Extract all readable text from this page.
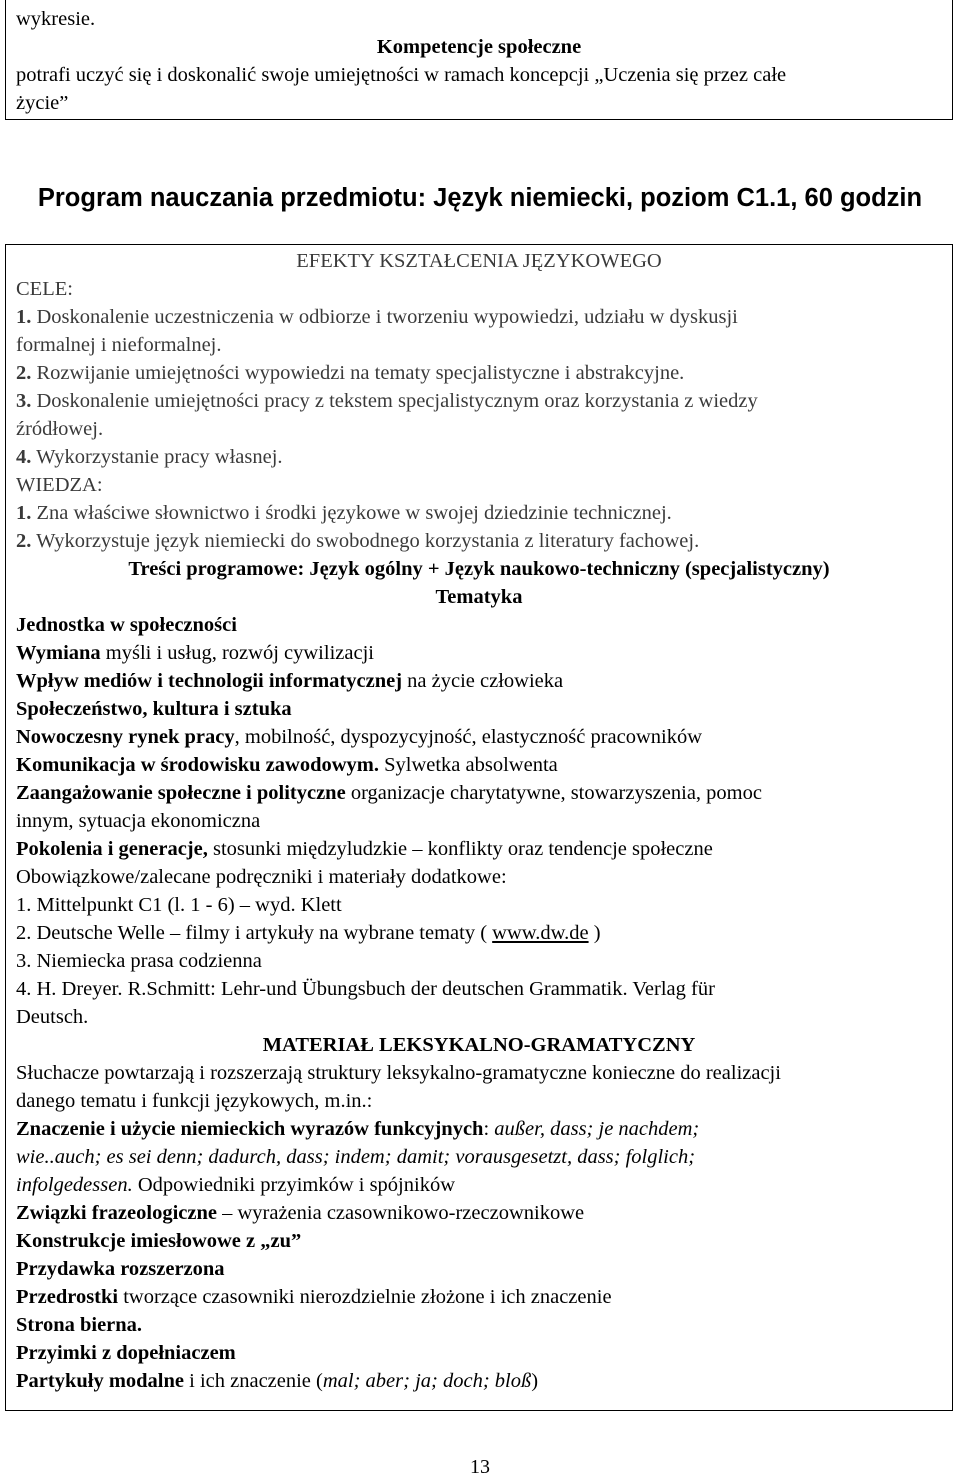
wykresie.
Kompetencje społeczne
potrafi uczyć się i doskonalić swoje umiejętności w ramach koncepcji „Uczenia się przez całe
życie”
Program nauczania przedmiotu: Język niemiecki, poziom C1.1, 60 godzin
EFEKTY KSZTAŁCENIA JĘZYKOWEGO
CELE:
1. Doskonalenie uczestniczenia w odbiorze i tworzeniu wypowiedzi, udziału w dyskusji
formalnej i nieformalnej.
2. Rozwijanie umiejętności wypowiedzi na tematy specjalistyczne i abstrakcyjne.
3. Doskonalenie umiejętności pracy z tekstem specjalistycznym oraz korzystania z wiedzy
źródłowej.
4. Wykorzystanie pracy własnej.
WIEDZA:
1. Zna właściwe słownictwo i środki językowe w swojej dziedzinie technicznej.
2. Wykorzystuje język niemiecki do swobodnego korzystania z literatury fachowej.
Treści programowe: Język ogólny + Język naukowo-techniczny (specjalistyczny)
Tematyka
Jednostka w społeczności
Wymiana myśli i usług, rozwój cywilizacji
Wpływ mediów i technologii informatycznej na życie człowieka
Społeczeństwo, kultura i sztuka
Nowoczesny rynek pracy, mobilność, dyspozycyjność, elastyczność pracowników
Komunikacja w środowisku zawodowym. Sylwetka absolwenta
Zaangażowanie społeczne i polityczne organizacje charytatywne, stowarzyszenia, pomoc
innym, sytuacja ekonomiczna
Pokolenia i generacje, stosunki międzyludzkie – konflikty oraz tendencje społeczne
Obowiązkowe/zalecane podręczniki i materiały dodatkowe:
1. Mittelpunkt C1 (l. 1 - 6) – wyd. Klett
2. Deutsche Welle – filmy i artykuły na wybrane tematy ( www.dw.de )
3. Niemiecka prasa codzienna
4. H. Dreyer. R.Schmitt: Lehr-und Übungsbuch der deutschen Grammatik. Verlag für
Deutsch.
MATERIAŁ LEKSYKALNO-GRAMATYCZNY
Słuchacze powtarzają i rozszerzają struktury leksykalno-gramatyczne konieczne do realizacji
danego tematu i funkcji językowych, m.in.:
Znaczenie i użycie niemieckich wyrazów funkcyjnych: außer, dass; je nachdem;
wie..auch; es sei denn; dadurch, dass; indem; damit; vorausgesetzt, dass; folglich;
infolgedessen. Odpowiedniki przyimków i spójników
Związki frazeologiczne – wyrażenia czasownikowo-rzeczownikowe
Konstrukcje imiesłowowe z „zu”
Przydawka rozszerzona
Przedrostki tworzące czasowniki nierozdzielnie złożone i ich znaczenie
Strona bierna.
Przyimki z dopełniaczem
Partykuły modalne i ich znaczenie (mal; aber; ja; doch; bloß)
13
